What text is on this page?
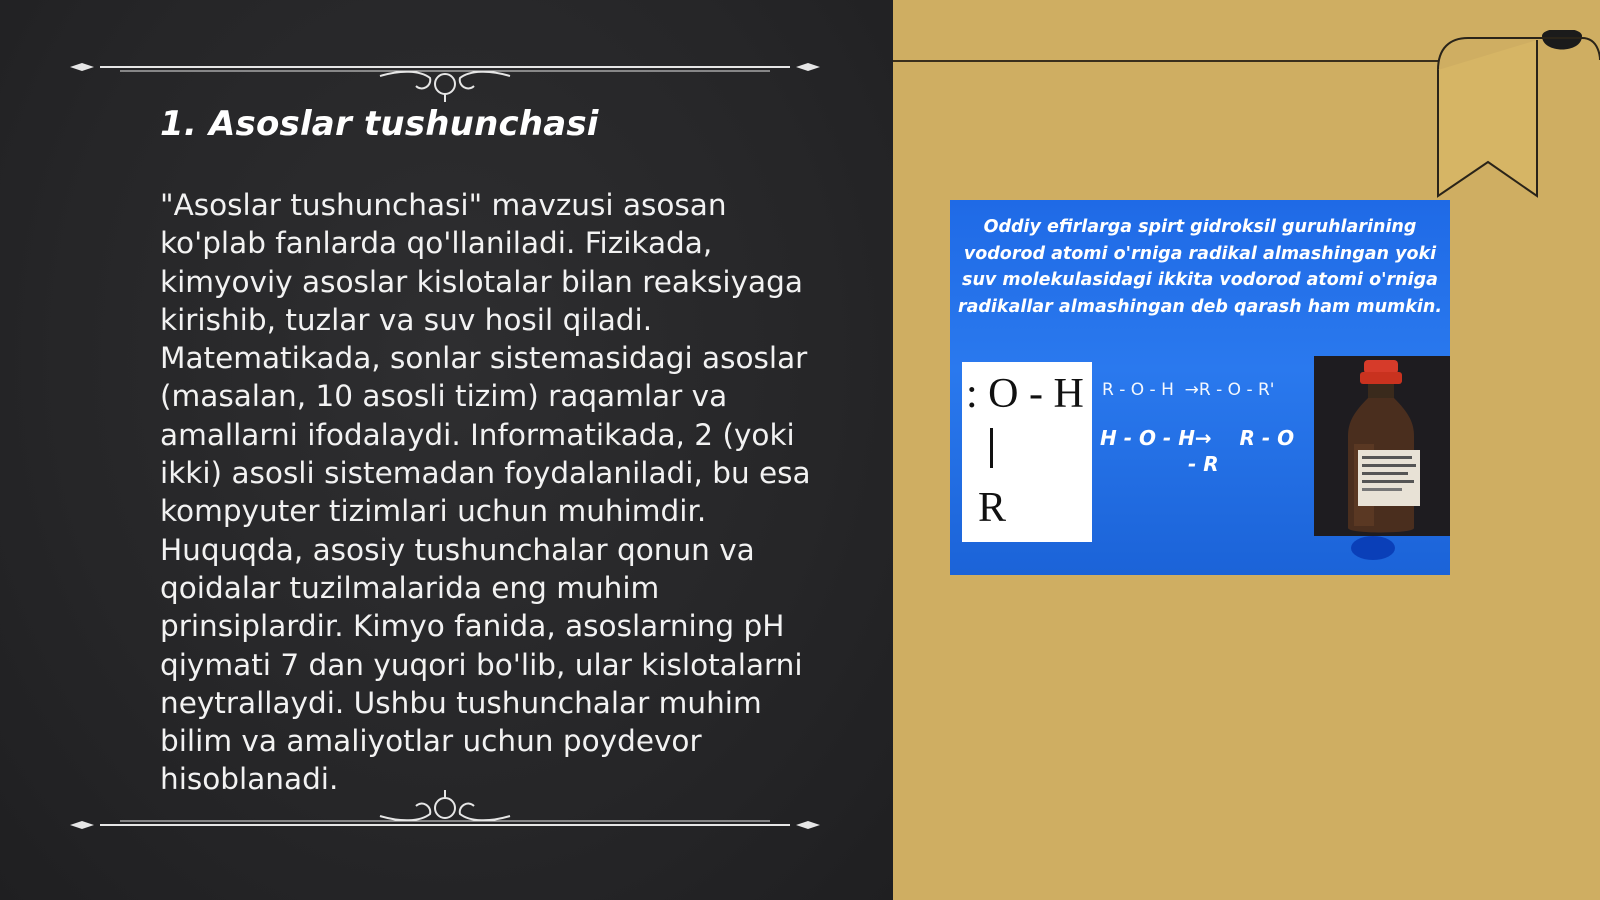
1. Asoslar tushunchasi

"Asoslar tushunchasi" mavzusi asosan ko'plab fanlarda qo'llaniladi. Fizikada, kimyoviy asoslar kislotalar bilan reaksiyaga kirishib, tuzlar va suv hosil qiladi. Matematikada, sonlar sistemasidagi asoslar (masalan, 10 asosli tizim) raqamlar va amallarni ifodalaydi. Informatikada, 2 (yoki ikki) asosli sistemadan foydalaniladi, bu esa kompyuter tizimlari uchun muhimdir. Huquqda, asosiy tushunchalar qonun va qoidalar tuzilmalarida eng muhim prinsiplardir. Kimyo fanida, asoslarning pH qiymati 7 dan yuqori bo'lib, ular kislotalarni neytrallaydi. Ushbu tushunchalar muhim bilim va amaliyotlar uchun poydevor hisoblanadi.

Oddiy efirlarga spirt gidroksil guruhlarining vodorod atomi o'rniga radikal almashingan yoki suv molekulasidagi ikkita vodorod atomi o'rniga radikallar almashingan deb qarash ham mumkin.

: O - H
R
R - O - H  →R - O - R'
H - O - H→    R - O
- R
